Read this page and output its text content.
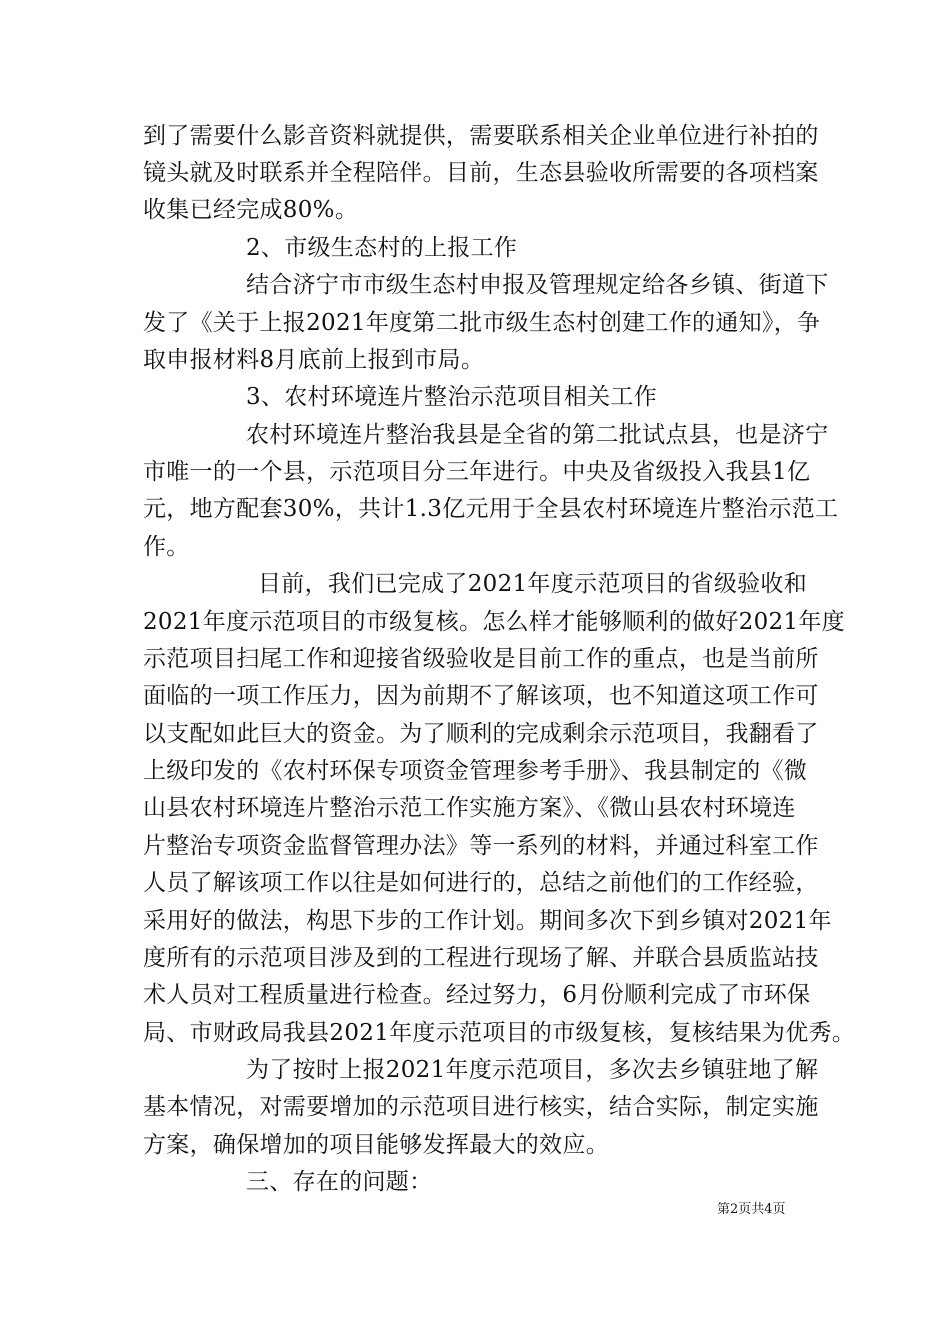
到了需要什么影音资料就提供，需要联系相关企业单位进行补拍的
镜头就及时联系并全程陪伴。目前，生态县验收所需要的各项档案
收集已经完成80%。
2、市级生态村的上报工作
结合济宁市市级生态村申报及管理规定给各乡镇、街道下
发了《关于上报2021年度第二批市级生态村创建工作的通知》，争
取申报材料8月底前上报到市局。
3、农村环境连片整治示范项目相关工作
农村环境连片整治我县是全省的第二批试点县，也是济宁
市唯一的一个县，示范项目分三年进行。中央及省级投入我县1亿
元，地方配套30%，共计1.3亿元用于全县农村环境连片整治示范工
作。
目前，我们已完成了2021年度示范项目的省级验收和
2021年度示范项目的市级复核。怎么样才能够顺利的做好2021年度
示范项目扫尾工作和迎接省级验收是目前工作的重点，也是当前所
面临的一项工作压力，因为前期不了解该项，也不知道这项工作可
以支配如此巨大的资金。为了顺利的完成剩余示范项目，我翻看了
上级印发的《农村环保专项资金管理参考手册》、我县制定的《微
山县农村环境连片整治示范工作实施方案》、《微山县农村环境连
片整治专项资金监督管理办法》等一系列的材料，并通过科室工作
人员了解该项工作以往是如何进行的，总结之前他们的工作经验，
采用好的做法，构思下步的工作计划。期间多次下到乡镇对2021年
度所有的示范项目涉及到的工程进行现场了解、并联合县质监站技
术人员对工程质量进行检查。经过努力，6月份顺利完成了市环保
局、市财政局我县2021年度示范项目的市级复核，复核结果为优秀。
为了按时上报2021年度示范项目，多次去乡镇驻地了解
基本情况，对需要增加的示范项目进行核实，结合实际，制定实施
方案，确保增加的项目能够发挥最大的效应。
三、存在的问题：
第2页共4页
